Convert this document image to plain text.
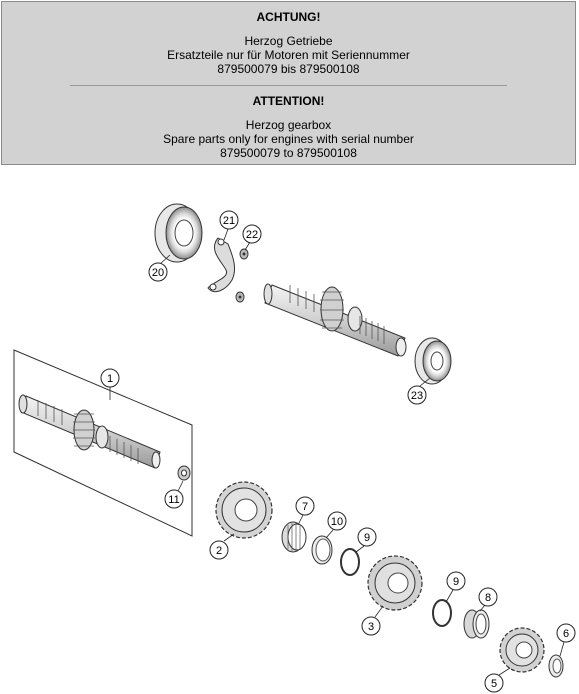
ACHTUNG!
Herzog Getriebe
Ersatzteile nur für Motoren mit Seriennummer
879500079 bis 879500108
ATTENTION!
Herzog gearbox
Spare parts only for engines with serial number
879500079 to 879500108
20
21
22
23
1
11
2
7
10
9
9
8
3
6
5
